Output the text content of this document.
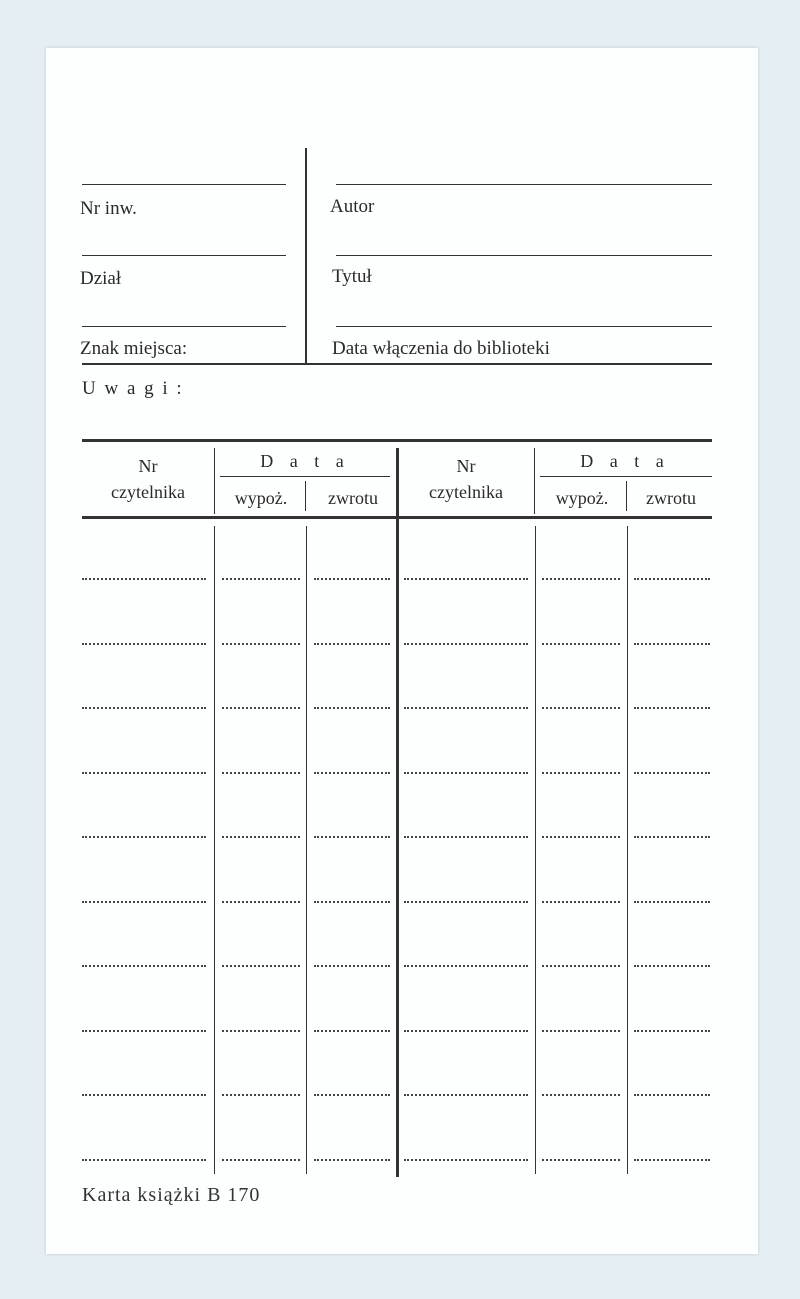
Nr inw.
Dział
Znak miejsca:
Autor
Tytuł
Data włączenia do biblioteki
U w a g i :
Nr
czytelnika
D a t a
wypoż.	zwrotu
Nr
czytelnika
D a t a
wypoż.	zwrotu
Karta książki B 170
